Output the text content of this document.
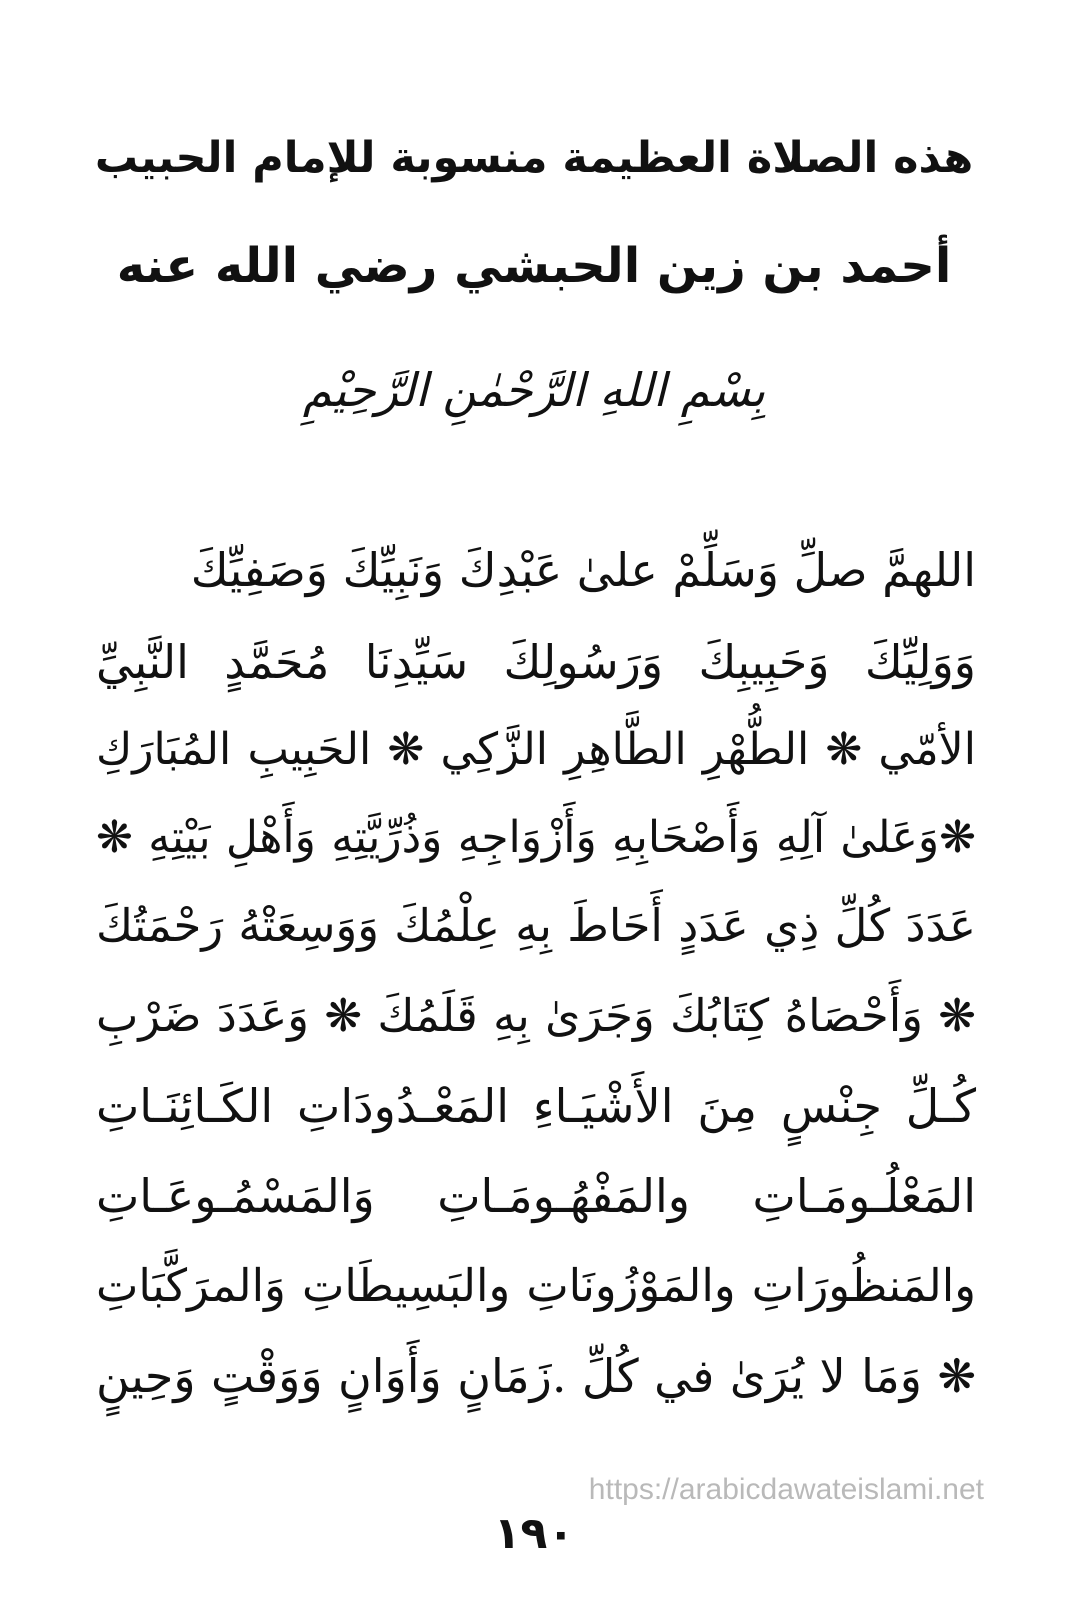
هذه الصلاة العظيمة منسوبة للإمام الحبيب
أحمد بن زين الحبشي رضي الله عنه
بِسْمِ اللهِ الرَّحْمٰنِ الرَّحِيْمِ
اللهمَّ صلِّ وَسَلِّمْ علىٰ عَبْدِكَ وَنَبِيِّكَ وَصَفِيِّكَ
وَوَلِيِّكَ وَحَبِيبِكَ وَرَسُولِكَ سَيِّدِنَا مُحَمَّدٍ النَّبِيِّ
الأمّي ❋ الطُّهْرِ الطَّاهِرِ الزَّكِي ❋ الحَبِيبِ المُبَارَكِ
❋وَعَلىٰ آلِهِ وَأَصْحَابِهِ وَأَزْوَاجِهِ وَذُرِّيَّتِهِ وَأَهْلِ بَيْتِهِ ❋
عَدَدَ كُلِّ ذِي عَدَدٍ أَحَاطَ بِهِ عِلْمُكَ وَوَسِعَتْهُ رَحْمَتُكَ
❋ وَأَحْصَاهُ كِتَابُكَ وَجَرَىٰ بِهِ قَلَمُكَ ❋ وَعَدَدَ ضَرْبِ
كُـلِّ جِنْسٍ مِنَ الأَشْيَـاءِ المَعْـدُودَاتِ الكَـائِنَـاتِ
المَعْلُـومَـاتِ والمَفْهُـومَـاتِ وَالمَسْمُـوعَـاتِ
والمَنظُورَاتِ والمَوْزُونَاتِ والبَسِيطَاتِ وَالمرَكَّبَاتِ
❋ وَمَا لا يُرَىٰ في كُلِّ .زَمَانٍ وَأَوَانٍ وَوَقْتٍ وَحِينٍ
https://arabicdawateislami.net
١٩٠
